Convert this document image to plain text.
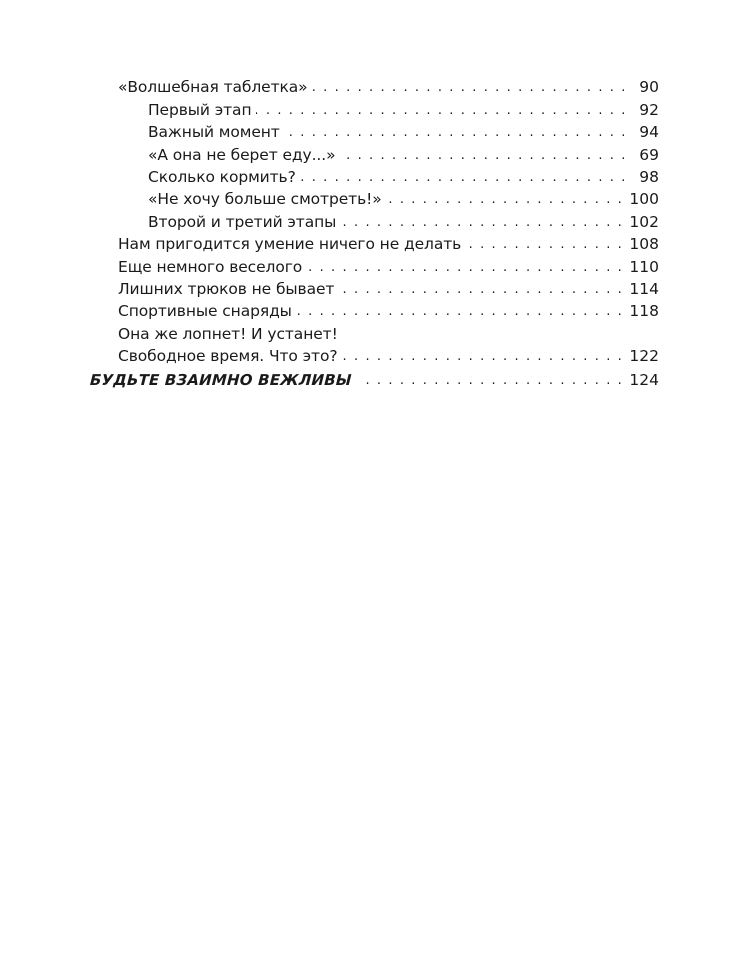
«Волшебная таблетка» . . .	90
Первый этап . . .	92
Важный момент . . .	94
«А она не берет еду...» . . .	69
Сколько кормить? . . .	98
«Не хочу больше смотреть!» . . .	100
Второй и третий этапы . . .	102
Нам пригодится умение ничего не делать . . .	108
Еще немного веселого . . .	110
Лишних трюков не бывает . . .	114
Спортивные снаряды . . .	118
Она же лопнет! И устанет!
Свободное время. Что это? . . .	122
БУДЬТЕ ВЗАИМНО ВЕЖЛИВЫ . . .	124
